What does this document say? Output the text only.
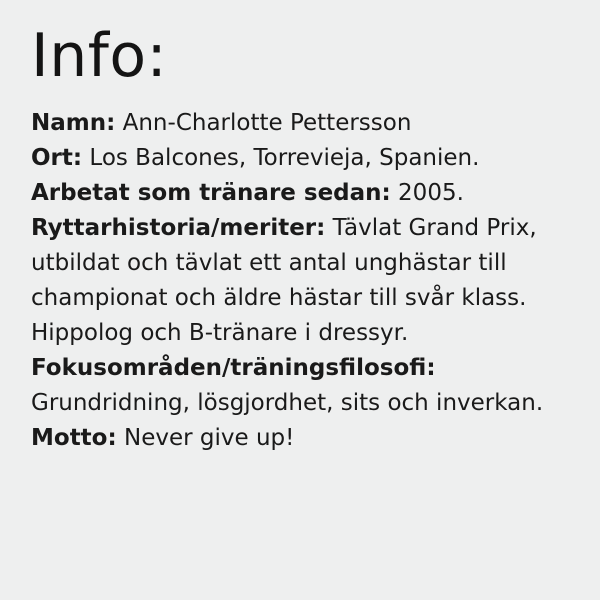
Info:
Namn: Ann-Charlotte Pettersson
Ort: Los Balcones, Torrevieja, Spanien.
Arbetat som tränare sedan: 2005.
Ryttarhistoria/meriter: Tävlat Grand Prix, utbildat och tävlat ett antal unghästar till championat och äldre hästar till svår klass. Hippolog och B-tränare i dressyr.
Fokusområden/träningsfilosofi: Grundridning, lösgjordhet, sits och inverkan.
Motto: Never give up!
